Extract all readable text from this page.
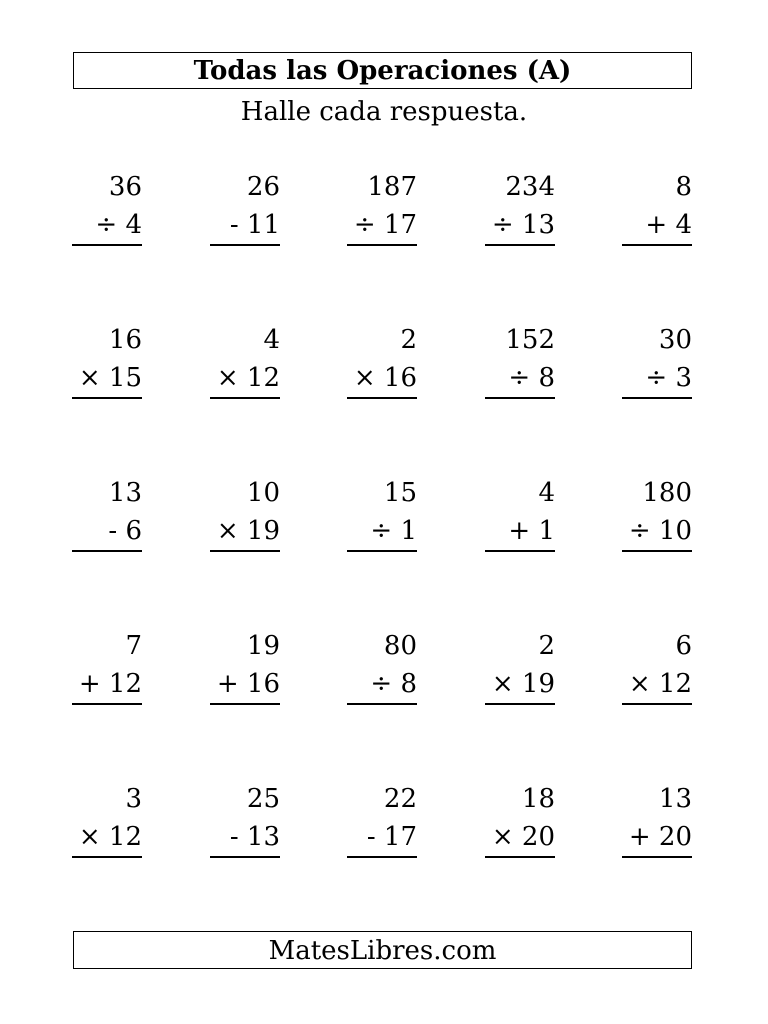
Todas las Operaciones (A)
Halle cada respuesta.
36
÷ 4
26
- 11
187
÷ 17
234
÷ 13
8
+ 4
16
× 15
4
× 12
2
× 16
152
÷ 8
30
÷ 3
13
- 6
10
× 19
15
÷ 1
4
+ 1
180
÷ 10
7
+ 12
19
+ 16
80
÷ 8
2
× 19
6
× 12
3
× 12
25
- 13
22
- 17
18
× 20
13
+ 20
MatesLibres.com
